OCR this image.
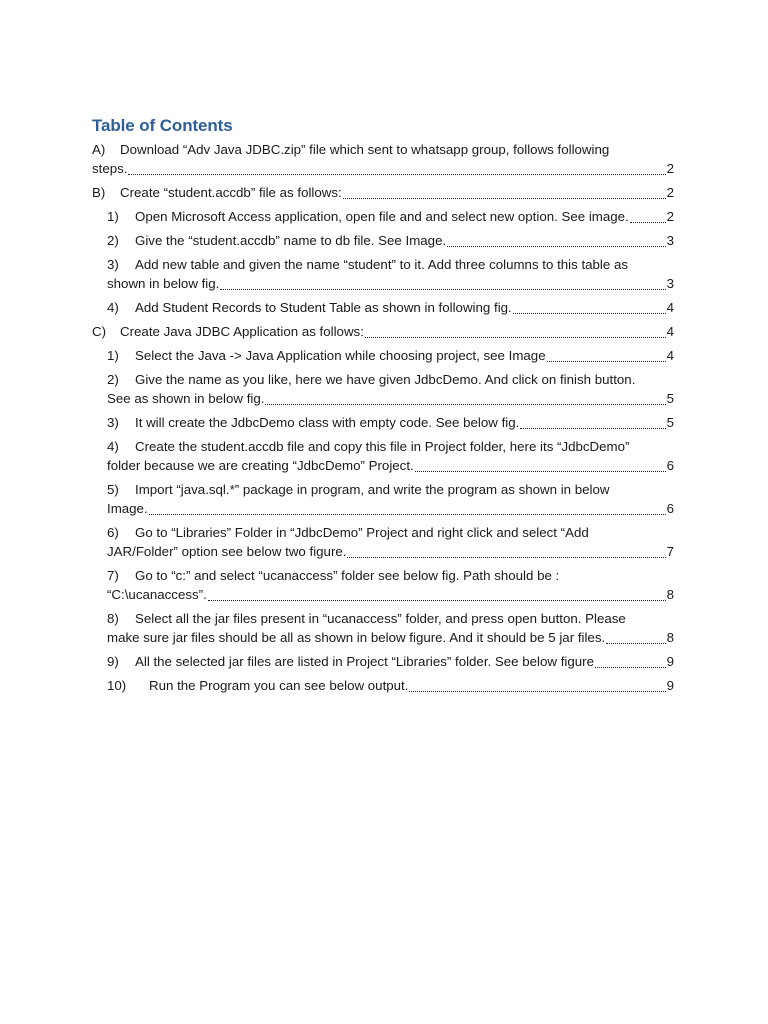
Table of Contents
A) Download “Adv Java JDBC.zip” file which sent to whatsapp group, follows following
steps.	2
B)	Create “student.accdb” file as follows:	2
1)	Open Microsoft Access application, open file and and select new option. See image.	2
2)	Give the “student.accdb” name to db file. See Image.	3
3) Add new table and given the name “student” to it. Add three columns to this table as
shown in below fig.	3
4)	Add Student Records to Student Table as shown in following fig.	4
C)	Create Java JDBC Application as follows:	4
1)	Select the Java -> Java Application while choosing project, see Image	4
2) Give the name as you like, here we have given JdbcDemo. And click on finish button.
See as shown in below fig.	5
3)	It will create the JdbcDemo class with empty code. See below fig.	5
4) Create the student.accdb file and copy this file in Project folder, here its “JdbcDemo”
folder because we are creating “JdbcDemo” Project.	6
5) Import “java.sql.*” package in program, and write the program as shown in below
Image.	6
6) Go to “Libraries” Folder in “JdbcDemo” Project and right click and select “Add
JAR/Folder” option see below two figure.	7
7) Go to “c:” and select “ucanaccess” folder see below fig. Path should be :
“C:\ucanaccess”.	8
8) Select all the jar files present in “ucanaccess” folder, and press open button. Please
make sure jar files should be all as shown in below figure. And it should be 5 jar files.	8
9)	All the selected jar files are listed in Project “Libraries” folder. See below figure	9
10)	Run the Program you can see below output.	9
